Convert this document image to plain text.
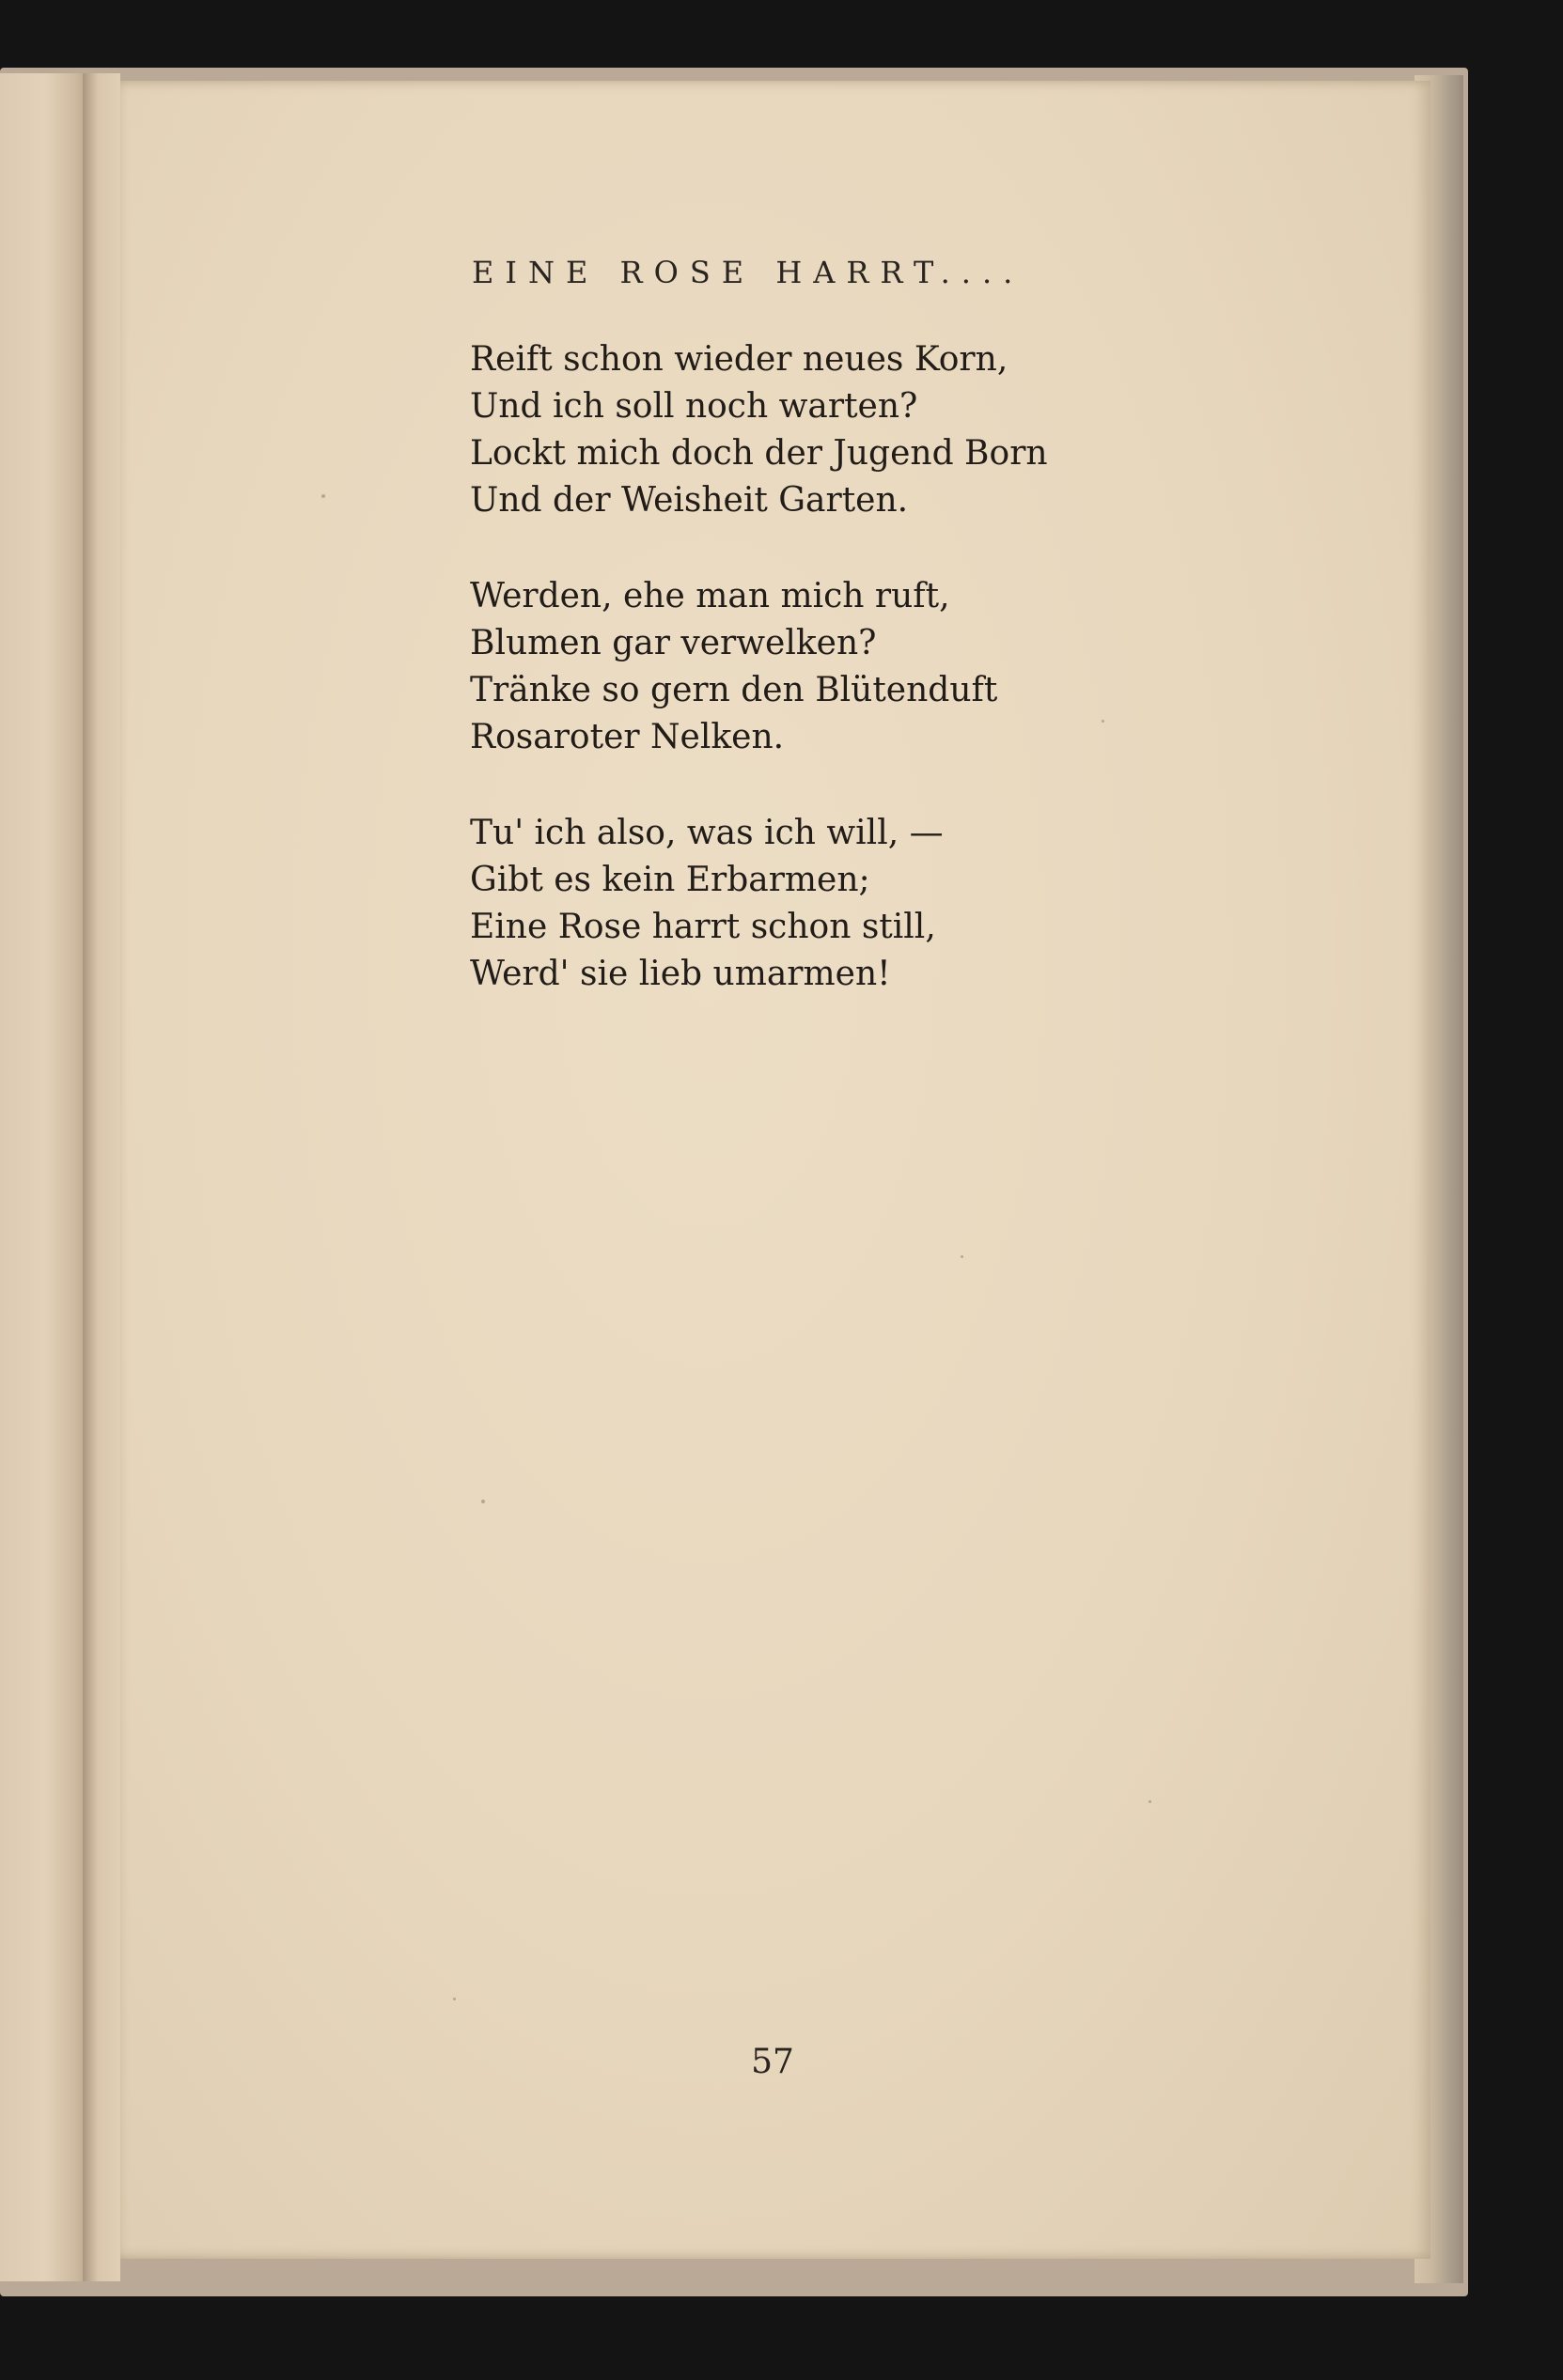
EINE ROSE HARRT....
Reift schon wieder neues Korn,
Und ich soll noch warten?
Lockt mich doch der Jugend Born
Und der Weisheit Garten.
Werden, ehe man mich ruft,
Blumen gar verwelken?
Tränke so gern den Blütenduft
Rosaroter Nelken.
Tu' ich also, was ich will, —
Gibt es kein Erbarmen;
Eine Rose harrt schon still,
Werd' sie lieb umarmen!
57
